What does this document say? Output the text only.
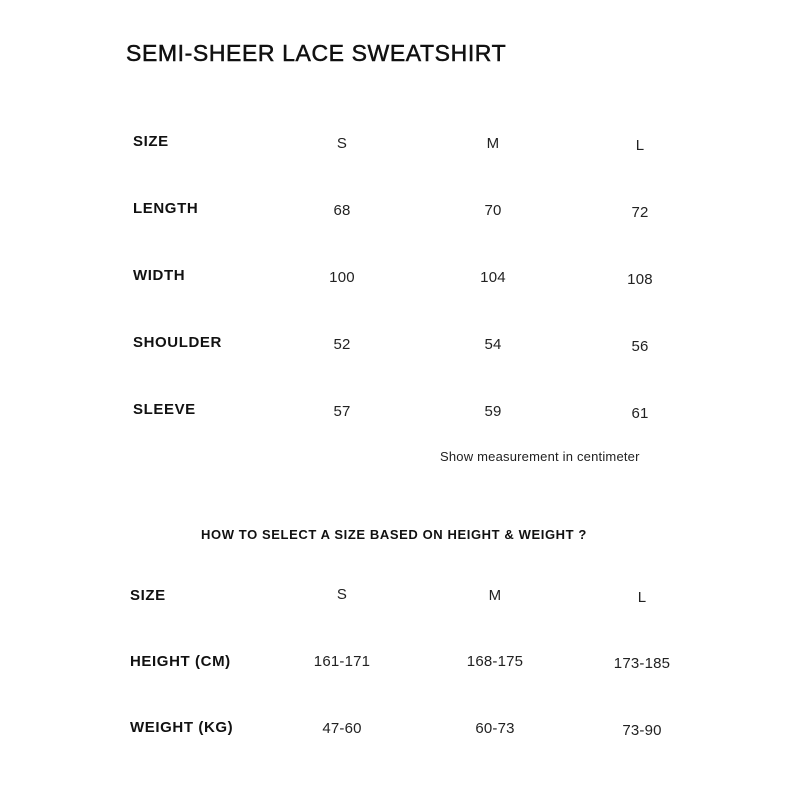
SEMI-SHEER LACE SWEATSHIRT
SIZE	S	M	L
LENGTH	68	70	72
WIDTH	100	104	108
SHOULDER	52	54	56
SLEEVE	57	59	61
Show measurement in centimeter
HOW TO SELECT A SIZE BASED ON HEIGHT & WEIGHT ?
SIZE	S	M	L
HEIGHT (CM)	161-171	168-175	173-185
WEIGHT (KG)	47-60	60-73	73-90
